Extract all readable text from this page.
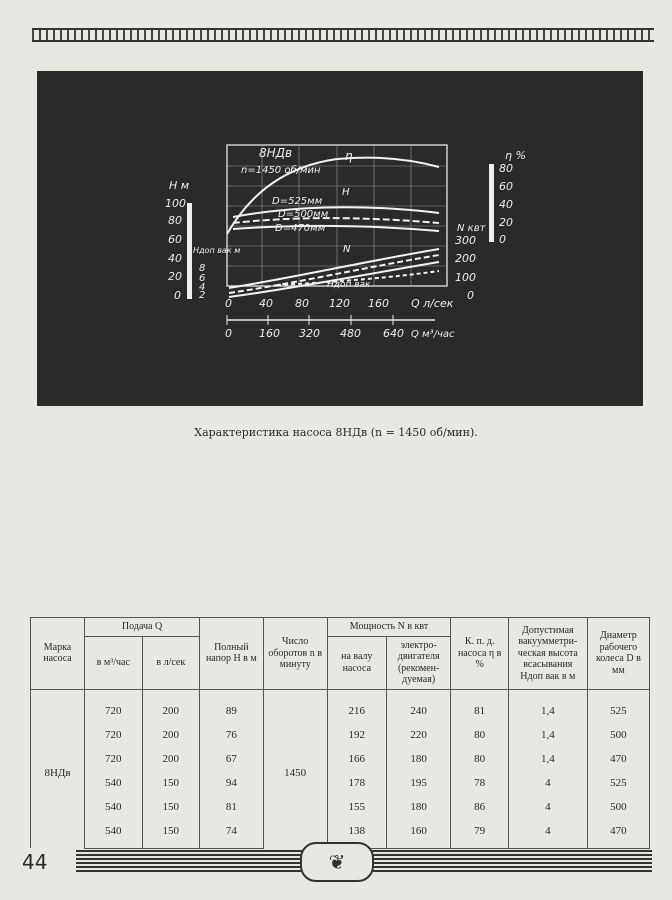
Н м
100
80
60
40
20
0
Hдоп вак м
8
6
4
2
η %
80
60
40
20
0
N квт
300
200
100
0
0 40 80 120 160 Q л/сек
0 160 320 480 640 Q м³/час
8НДв
n=1450 об/мин
η
H
D=525мм
D=500мм
D=470мм
N
Hдоп вак
Характеристика насоса 8НДв (n = 1450 об/мин).
Марка насоса	Подача Q		Полный напор H в м	Число оборотов n в минуту	Мощность N в квт		К. п. д. насоса η в %	Допустимая вакуумметри-ческая высота всасывания Hдоп вак в м	Диаметр рабочего колеса D в мм
	в м³/час	в л/сек			на валу насоса	электро-двигателя (рекомен-дуемая)			
8НДв	720	200	89	1450	216	240	81	1,4	525
	720	200	76		192	220	80	1,4	500
	720	200	67		166	180	80	1,4	470
	540	150	94		178	195	78	4	525
	540	150	81		155	180	86	4	500
	540	150	74		138	160	79	4	470
44	❦
